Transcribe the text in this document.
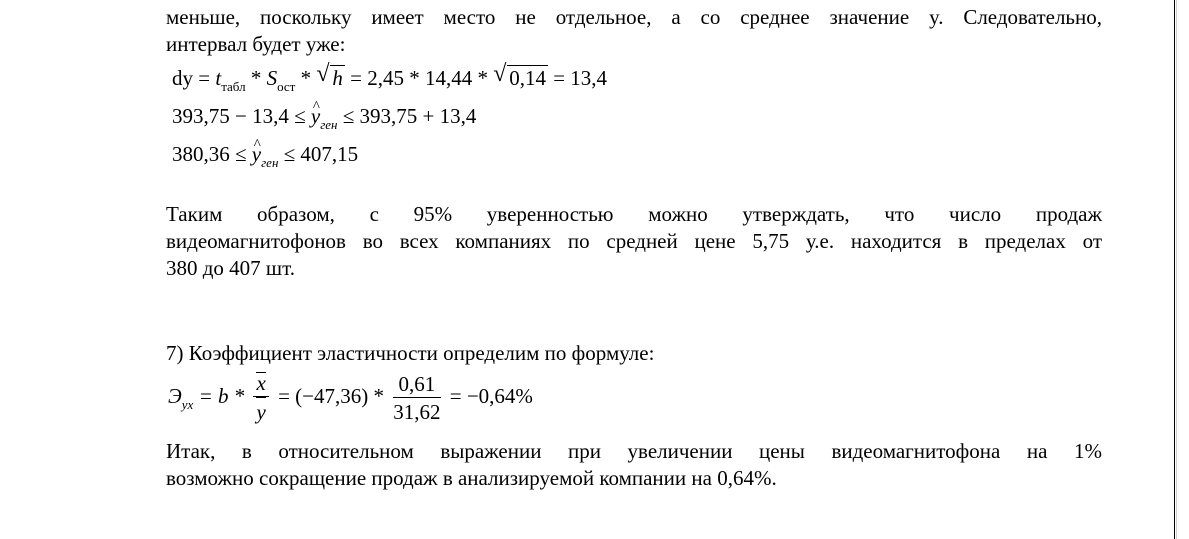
меньше, поскольку имеет место не отдельное, а со среднее значение y. Следовательно,
интервал будет уже:
dy = $t_{табл} * S_{ост}$ * √ h = 2,45 * 14,44 * √ 0,14 = 13,4
393,75 − 13,4 ≤ ^ $y_{ген} \le 393,75 + 13,4$
380,36 ≤ ^ $y_{ген} \le 407,15$
Таким образом, с 95% уверенностью можно утверждать, что число продаж
видеомагнитофонов во всех компаниях по средней цене 5,75 у.е. находится в пределах от
380 до 407 шт.
7) Коэффициент эластичности определим по формуле:
$Э_{yx} = b * \frac{x}{y} = (-47,36) * \frac{0,61}{31,62} = -0,64\%$
Итак, в относительном выражении при увеличении цены видеомагнитофона на 1%
возможно сокращение продаж в анализируемой компании на 0,64%.
